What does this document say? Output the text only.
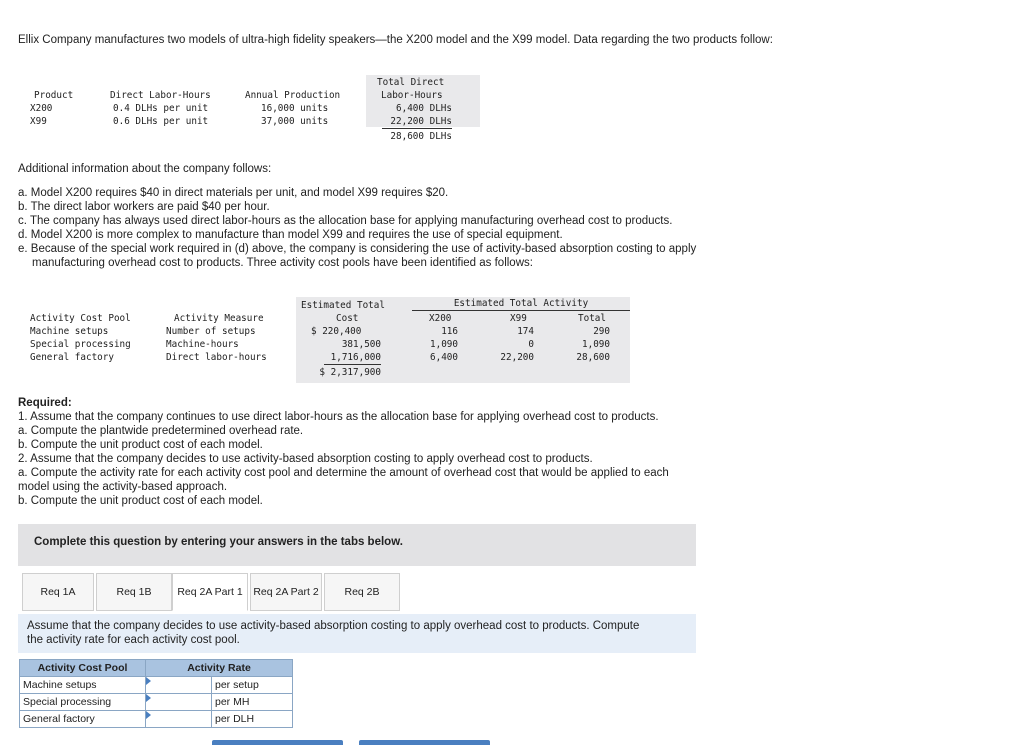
Ellix Company manufactures two models of ultra-high fidelity speakers—the X200 model and the X99 model. Data regarding the two products follow:
Product	Direct Labor-Hours	Annual Production
Total Direct
Labor-Hours
X200	0.4 DLHs per unit	16,000 units	6,400 DLHs
X99	0.6 DLHs per unit	37,000 units	22,200 DLHs
28,600 DLHs
Additional information about the company follows:
a. Model X200 requires $40 in direct materials per unit, and model X99 requires $20.
b. The direct labor workers are paid $40 per hour.
c. The company has always used direct labor-hours as the allocation base for applying manufacturing overhead cost to products.
d. Model X200 is more complex to manufacture than model X99 and requires the use of special equipment.
e. Because of the special work required in (d) above, the company is considering the use of activity-based absorption costing to apply
manufacturing overhead cost to products. Three activity cost pools have been identified as follows:
Estimated Total	Estimated Total Activity
Activity Cost Pool	Activity Measure	Cost	X200	X99	Total
Machine setups	Number of setups	$ 220,400	116	174	290
Special processing	Machine-hours	381,500	1,090	0	1,090
General factory	Direct labor-hours	1,716,000	6,400	22,200	28,600
$ 2,317,900
Required:
1. Assume that the company continues to use direct labor-hours as the allocation base for applying overhead cost to products.
a. Compute the plantwide predetermined overhead rate.
b. Compute the unit product cost of each model.
2. Assume that the company decides to use activity-based absorption costing to apply overhead cost to products.
a. Compute the activity rate for each activity cost pool and determine the amount of overhead cost that would be applied to each
model using the activity-based approach.
b. Compute the unit product cost of each model.
Complete this question by entering your answers in the tabs below.
Req 1A	Req 1B	Req 2A Part 1	Req 2A Part 2	Req 2B
Assume that the company decides to use activity-based absorption costing to apply overhead cost to products. Compute
the activity rate for each activity cost pool.
Activity Cost Pool	Activity Rate	
Machine setups		per setup
Special processing		per MH
General factory		per DLH
